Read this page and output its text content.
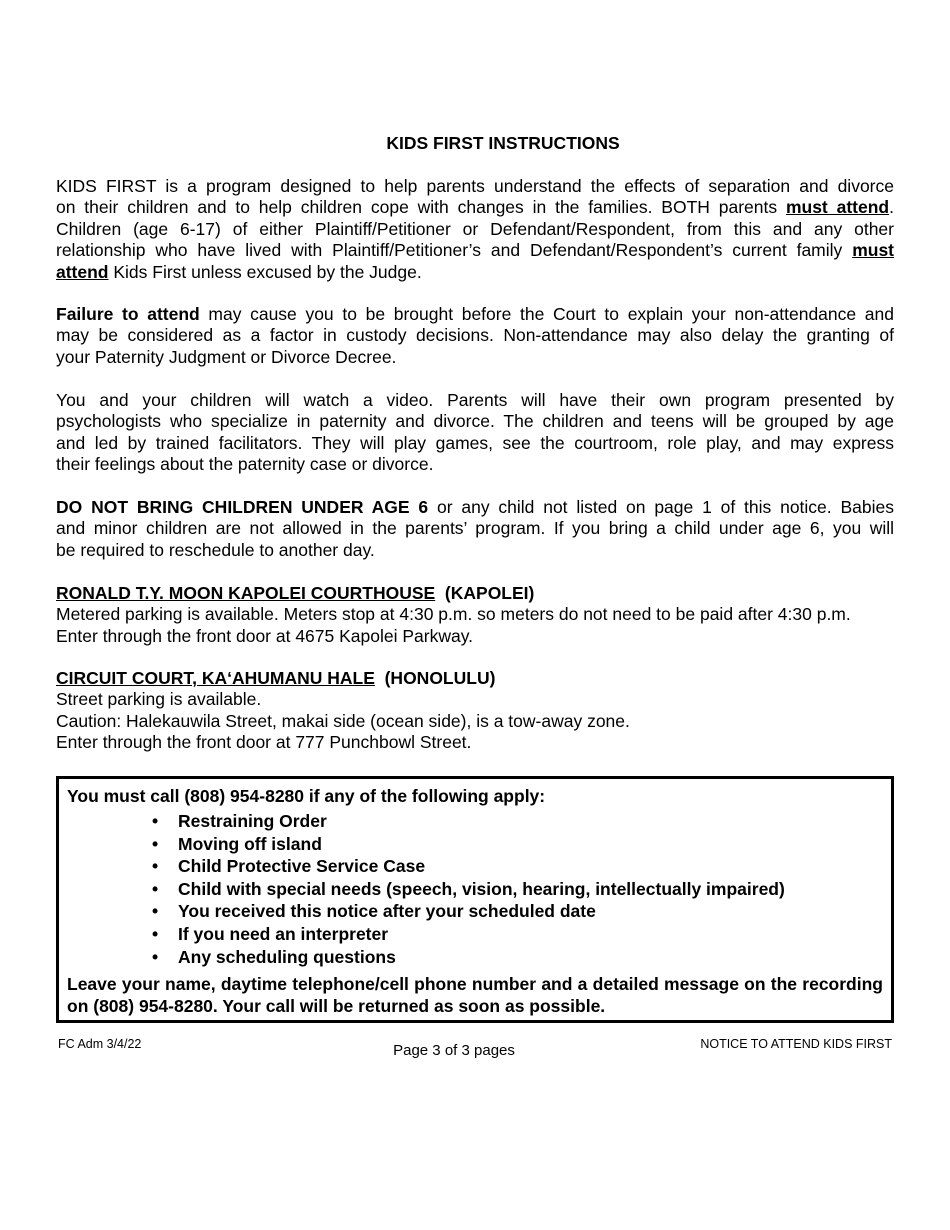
KIDS FIRST INSTRUCTIONS
KIDS FIRST is a program designed to help parents understand the effects of separation and divorce
on their children and to help children cope with changes in the families. BOTH parents must attend.
Children (age 6-17) of either Plaintiff/Petitioner or Defendant/Respondent, from this and any other
relationship who have lived with Plaintiff/Petitioner’s and Defendant/Respondent’s current family must
attend Kids First unless excused by the Judge.
Failure to attend may cause you to be brought before the Court to explain your non-attendance and
may be considered as a factor in custody decisions. Non-attendance may also delay the granting of
your Paternity Judgment or Divorce Decree.
You and your children will watch a video. Parents will have their own program presented by
psychologists who specialize in paternity and divorce. The children and teens will be grouped by age
and led by trained facilitators. They will play games, see the courtroom, role play, and may express
their feelings about the paternity case or divorce.
DO NOT BRING CHILDREN UNDER AGE 6 or any child not listed on page 1 of this notice. Babies
and minor children are not allowed in the parents’ program. If you bring a child under age 6, you will
be required to reschedule to another day.
RONALD T.Y. MOON KAPOLEI COURTHOUSE  (KAPOLEI)
Metered parking is available. Meters stop at 4:30 p.m. so meters do not need to be paid after 4:30 p.m.
Enter through the front door at 4675 Kapolei Parkway.
CIRCUIT COURT, KA‘AHUMANU HALE  (HONOLULU)
Street parking is available.
Caution: Halekauwila Street, makai side (ocean side), is a tow-away zone.
Enter through the front door at 777 Punchbowl Street.
You must call (808) 954-8280 if any of the following apply:
• Restraining Order
• Moving off island
• Child Protective Service Case
• Child with special needs (speech, vision, hearing, intellectually impaired)
• You received this notice after your scheduled date
• If you need an interpreter
• Any scheduling questions
Leave your name, daytime telephone/cell phone number and a detailed message on the recording on (808) 954-8280. Your call will be returned as soon as possible.
FC Adm 3/4/22	Page 3 of 3 pages	NOTICE TO ATTEND KIDS FIRST
